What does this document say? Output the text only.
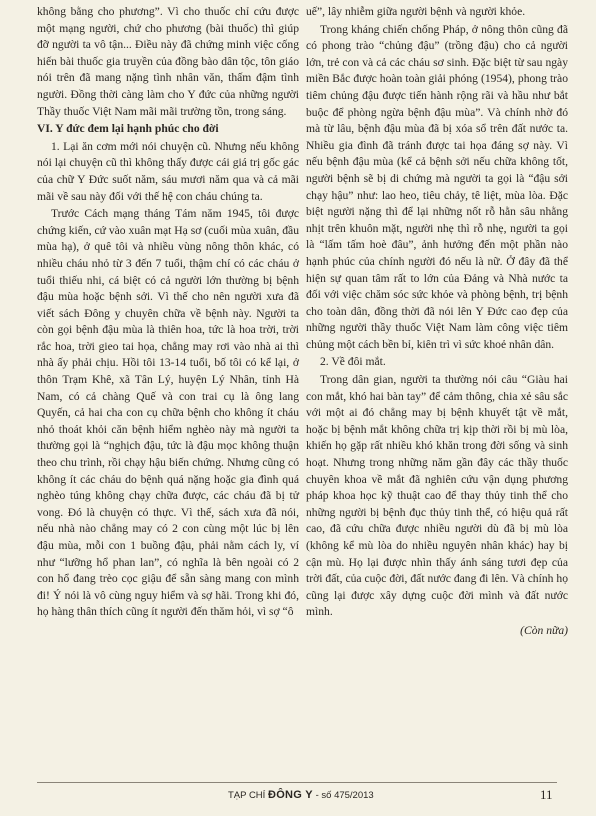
không bằng cho phương”. Vì cho thuốc chỉ cứu được một mạng người, chứ cho phương (bài thuốc) thì giúp đỡ người ta vô tận... Điều này đã chứng minh việc cống hiến bài thuốc gia truyền của đồng bào dân tộc, tôn giáo nói trên đã mang nặng tình nhân văn, thấm đậm tình người. Đồng thời càng làm cho Y đức của những người Thầy thuốc Việt Nam mãi mãi trường tồn, trong sáng.

VI. Y đức đem lại hạnh phúc cho đời

1. Lại ăn cơm mới nói chuyện cũ. Nhưng nếu không nói lại chuyện cũ thì không thấy được cái giá trị gốc gác của chữ Y Đức suốt năm, sáu mươi năm qua và cả mãi mãi về sau này đối với thế hệ con cháu chúng ta.

Trước Cách mạng tháng Tám năm 1945, tôi được chứng kiến, cứ vào xuân mạt Hạ sơ (cuối mùa xuân, đầu mùa hạ), ở quê tôi và nhiều vùng nông thôn khác, có nhiều cháu nhỏ từ 3 đến 7 tuổi, thậm chí có các cháu ở tuổi thiếu nhi, cá biệt có cả người lớn thường bị bệnh đậu mùa hoặc bệnh sởi. Vì thế cho nên người xưa đã viết sách Đông y chuyên chữa về bệnh này. Người ta còn gọi bệnh đậu mùa là thiên hoa, tức là hoa trời, trời rắc hoa, trời gieo tai họa, chẳng may rơi vào nhà ai thì nhà ấy phải chịu. Hồi tôi 13-14 tuổi, bố tôi có kể lại, ở thôn Trạm Khê, xã Tân Lý, huyện Lý Nhân, tỉnh Hà Nam, có cả chàng Quế và con trai cụ là ông lang Quyến, cả hai cha con cụ chữa bệnh cho không ít cháu nhỏ thoát khỏi căn bệnh hiểm nghèo này mà người ta thường gọi là “nghịch đậu, tức là đậu mọc không thuận theo chu trình, rồi chạy hậu biến chứng. Nhưng cũng có không ít các cháu do bệnh quá nặng hoặc gia đình quá nghèo túng không chạy chữa được, các cháu đã bị tử vong. Đó là chuyện có thực. Vì thế, sách xưa đã nói, nếu nhà nào chẳng may có 2 con cùng một lúc bị lên đậu mùa, mỗi con 1 buồng đậu, phải nằm cách ly, ví như “lưỡng hổ phan lan”, có nghĩa là bên ngoài có 2 con hổ đang trèo cọc giậu để sẵn sàng mang con mình đi! Ý nói là vô cùng nguy hiểm và sợ hãi. Trong khi đó, họ hàng thân thích cũng ít người đến thăm hỏi, vì sợ “ô

uế”, lây nhiễm giữa người bệnh và người khỏe.

Trong kháng chiến chống Pháp, ở nông thôn cũng đã có phong trào “chủng đậu” (trồng đậu) cho cả người lớn, trẻ con và cả các cháu sơ sinh. Đặc biệt từ sau ngày miền Bắc được hoàn toàn giải phóng (1954), phong trào tiêm chủng đậu được tiến hành rộng rãi và hầu như bắt buộc để phòng ngừa bệnh đậu mùa”. Và chính nhờ đó mà từ lâu, bệnh đậu mùa đã bị xóa sổ trên đất nước ta. Nhiều gia đình đã tránh được tai họa đáng sợ này. Vì nếu bệnh đậu mùa (kể cả bệnh sởi nếu chữa không tốt, người bệnh sẽ bị di chứng mà người ta gọi là “đậu sởi chạy hậu” như: lao heo, tiêu chảy, tê liệt, mùa lòa. Đặc biệt người nặng thì để lại những nốt rỗ hằn sâu nhằng nhịt trên khuôn mặt, người nhẹ thì rỗ nhẹ, người ta gọi là “lấm tấm hoè đâu”, ảnh hưởng đến một phần nào hạnh phúc của chính người đó nếu là nữ. Ở đây đã thể hiện sự quan tâm rất to lớn của Đảng và Nhà nước ta đối với việc chăm sóc sức khỏe và phòng bệnh, trị bệnh cho toàn dân, đồng thời đã nói lên Y Đức cao đẹp của những người thầy thuốc Việt Nam làm công việc tiêm chủng một cách bền bỉ, kiên trì vì sức khoẻ nhân dân.

2. Về đôi mắt.

Trong dân gian, người ta thường nói câu “Giàu hai con mắt, khó hai bàn tay” để cảm thông, chia xẻ sâu sắc với một ai đó chẳng may bị bệnh khuyết tật về mắt, hoặc bị bệnh mắt không chữa trị kịp thời rồi bị mù lòa, khiến họ gặp rất nhiều khó khăn trong đời sống và sinh hoạt. Nhưng trong những năm gần đây các thầy thuốc chuyên khoa về mắt đã nghiên cứu vận dụng phương pháp khoa học kỹ thuật cao để thay thủy tinh thể cho những người bị bệnh đục thủy tinh thể, có hiệu quả rất cao, đã cứu chữa được nhiều người dù đã bị mù lòa (không kể mù lòa do nhiều nguyên nhân khác) hay bị cận mù. Họ lại được nhìn thấy ánh sáng tươi đẹp của trời đất, của cuộc đời, đất nước đang đi lên. Và chính họ cũng lại được xây dựng cuộc đời mình và đất nước mình.

(Còn nữa)
TẠP CHÍ ĐÔNG Y - số 475/2013	11
